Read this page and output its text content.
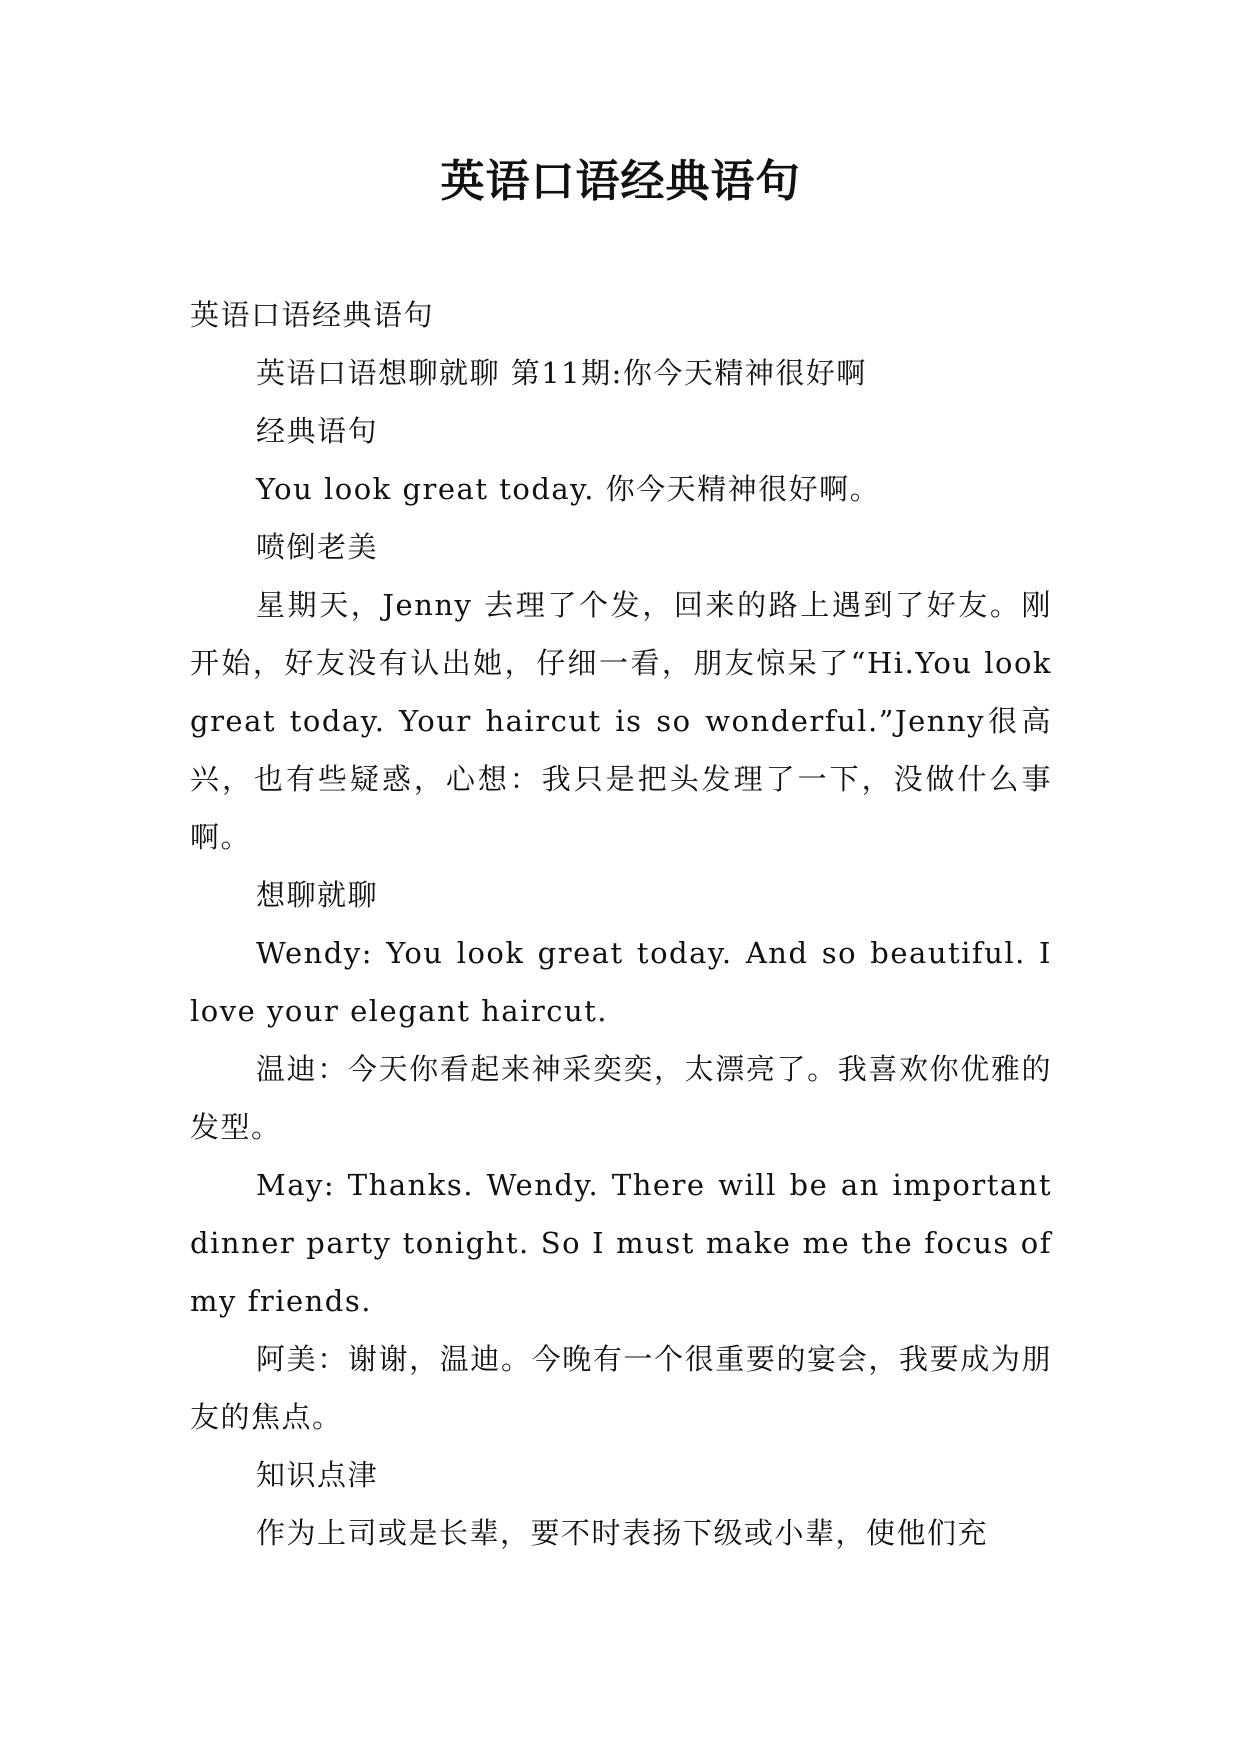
英语口语经典语句

英语口语经典语句

英语口语想聊就聊 第11期:你今天精神很好啊

经典语句

You look great today. 你今天精神很好啊。

喷倒老美

星期天，Jenny 去理了个发，回来的路上遇到了好友。刚开始，好友没有认出她，仔细一看，朋友惊呆了“Hi.You look great today. Your haircut is so wonderful.”Jenny很高兴，也有些疑惑，心想：我只是把头发理了一下，没做什么事啊。

想聊就聊

Wendy: You look great today. And so beautiful. I love your elegant haircut.

温迪：今天你看起来神采奕奕，太漂亮了。我喜欢你优雅的发型。

May: Thanks. Wendy. There will be an important dinner party tonight. So I must make me the focus of my friends.

阿美：谢谢，温迪。今晚有一个很重要的宴会，我要成为朋友的焦点。

知识点津

作为上司或是长辈，要不时表扬下级或小辈，使他们充
